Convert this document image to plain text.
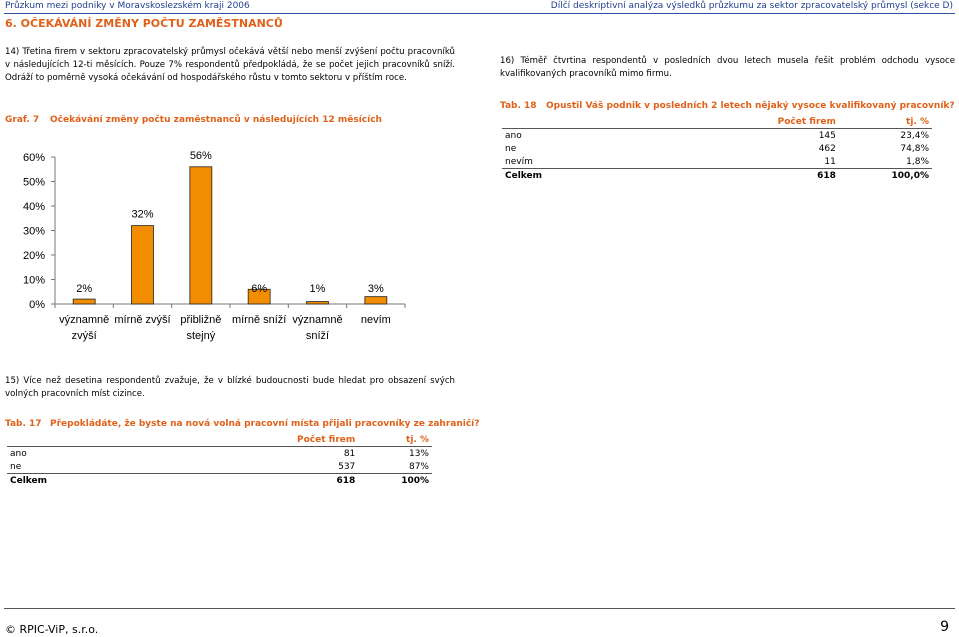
Průzkum mezi podniky v Moravskoslezském kraji 2006	Dílčí deskriptivní analýza výsledků průzkumu za sektor zpracovatelský průmysl (sekce D)
6. OČEKÁVÁNÍ ZMĚNY POČTU ZAMĚSTNANCŮ
14) Třetina firem v sektoru zpracovatelský průmysl očekává větší nebo menší zvýšení počtu pracovníků v následujících 12-ti měsících. Pouze 7% respondentů předpokládá, že se počet jejich pracovníků sníží. Odráží to poměrně vysoká očekávání od hospodářského růstu v tomto sektoru v příštím roce.
Graf. 7 Očekávání změny počtu zaměstnanců v následujících 12 měsících
0%
10%
20%
30%
40%
50%
60%
2%
významně
zvýší
32%
mírně zvýší
56%
přibližně
stejný
6%
mírně sníží
1%
významně
sníží
3%
nevím
16) Téměř čtvrtina respondentů v posledních dvou letech musela řešit problém odchodu vysoce kvalifikovaných pracovníků mimo firmu.
Tab. 18 Opustil Váš podnik v posledních 2 letech nějaký vysoce kvalifikovaný pracovník?
	Počet firem	tj. %
ano	145	23,4%
ne	462	74,8%
nevím	11	1,8%
Celkem	618	100,0%
15) Více než desetina respondentů zvažuje, že v blízké budoucnosti bude hledat pro obsazení svých volných pracovních míst cizince.
Tab. 17 Přepokládáte, že byste na nová volná pracovní místa přijali pracovníky ze zahraničí?
	Počet firem	tj. %
ano	81	13%
ne	537	87%
Celkem	618	100%
© RPIC-ViP, s.r.o.	9
